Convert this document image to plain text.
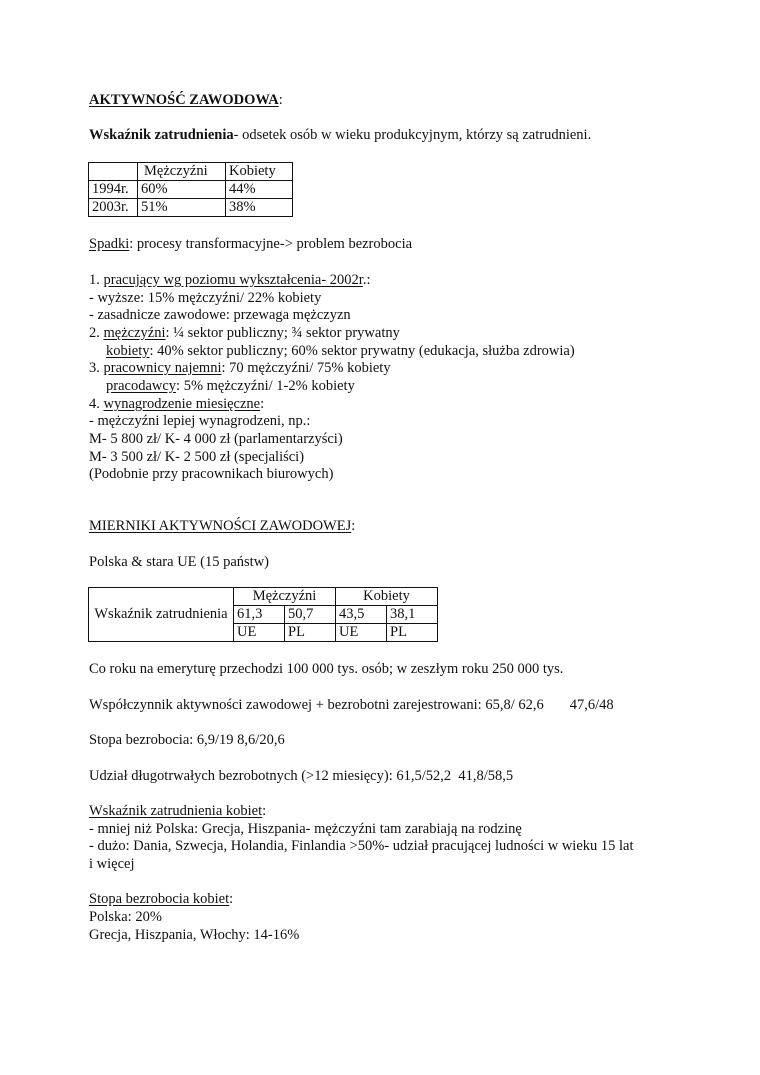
AKTYWNOŚĆ ZAWODOWA:
Wskaźnik zatrudnienia- odsetek osób w wieku produkcyjnym, którzy są zatrudnieni.
	Mężczyźni	Kobiety
1994r.	60%	44%
2003r.	51%	38%
Spadki: procesy transformacyjne-> problem bezrobocia
1. pracujący wg poziomu wykształcenia- 2002r.:
- wyższe: 15% mężczyźni/ 22% kobiety
- zasadnicze zawodowe: przewaga mężczyzn
2. mężczyźni: ¼ sektor publiczny; ¾ sektor prywatny
kobiety: 40% sektor publiczny; 60% sektor prywatny (edukacja, służba zdrowia)
3. pracownicy najemni: 70 mężczyźni/ 75% kobiety
pracodawcy: 5% mężczyźni/ 1-2% kobiety
4. wynagrodzenie miesięczne:
- mężczyźni lepiej wynagrodzeni, np.:
M- 5 800 zł/ K- 4 000 zł (parlamentarzyści)
M- 3 500 zł/ K- 2 500 zł (specjaliści)
(Podobnie przy pracownikach biurowych)
MIERNIKI AKTYWNOŚCI ZAWODOWEJ:
Polska & stara UE (15 państw)
Wskaźnik zatrudnienia	Mężczyźni		Kobiety	
	61,3	50,7	43,5	38,1
	UE	PL	UE	PL
Co roku na emeryturę przechodzi 100 000 tys. osób; w zeszłym roku 250 000 tys.
Współczynnik aktywności zawodowej + bezrobotni zarejestrowani: 65,8/ 62,6 47,6/48
Stopa bezrobocia: 6,9/19 8,6/20,6
Udział długotrwałych bezrobotnych (>12 miesięcy): 61,5/52,2  41,8/58,5
Wskaźnik zatrudnienia kobiet:
- mniej niż Polska: Grecja, Hiszpania- mężczyźni tam zarabiają na rodzinę
- dużo: Dania, Szwecja, Holandia, Finlandia >50%- udział pracującej ludności w wieku 15 lat
i więcej
Stopa bezrobocia kobiet:
Polska: 20%
Grecja, Hiszpania, Włochy: 14-16%
